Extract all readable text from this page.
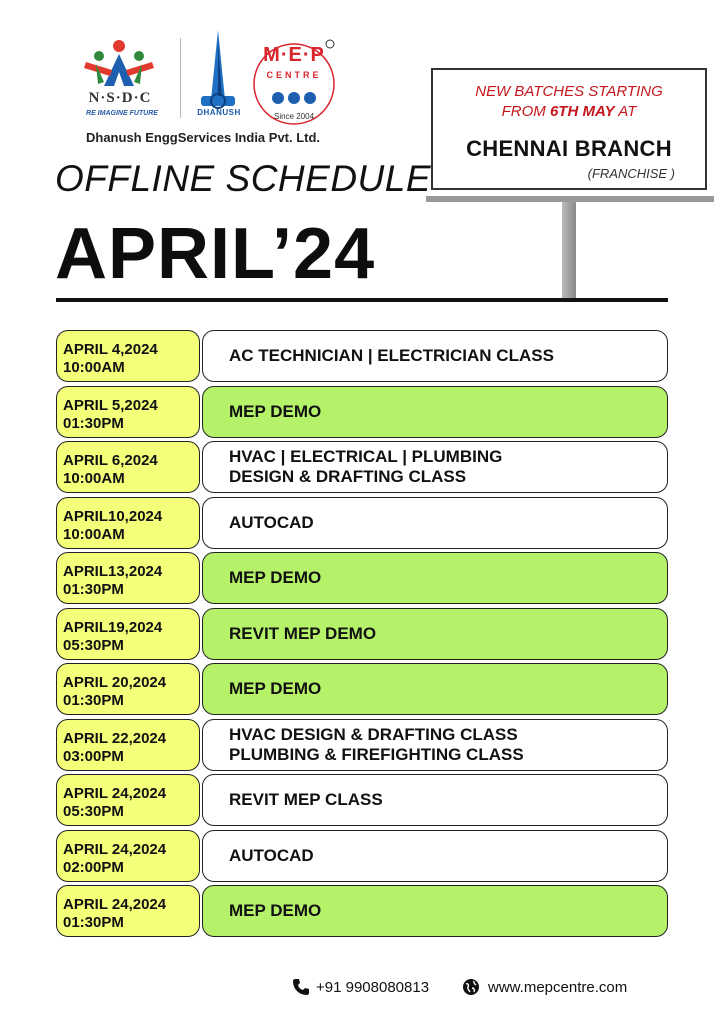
N·S·D·C
RE IMAGINE FUTURE	DHANUSH
M·E·P
CENTRE
Since 2004
Dhanush EnggServices India Pvt. Ltd.
NEW BATCHES STARTING
FROM 6TH MAY AT
CHENNAI BRANCH
(FRANCHISE )
OFFLINE SCHEDULE
APRIL’24
APRIL 4,2024
10:00AM
AC TECHNICIAN | ELECTRICIAN CLASS
APRIL 5,2024
01:30PM
MEP DEMO
APRIL 6,2024
10:00AM
HVAC | ELECTRICAL | PLUMBING
DESIGN & DRAFTING CLASS
APRIL10,2024
10:00AM
AUTOCAD
APRIL13,2024
01:30PM
MEP DEMO
APRIL19,2024
05:30PM
REVIT MEP DEMO
APRIL 20,2024
01:30PM
MEP DEMO
APRIL 22,2024
03:00PM
HVAC DESIGN & DRAFTING CLASS
PLUMBING & FIREFIGHTING CLASS
APRIL 24,2024
05:30PM
REVIT MEP CLASS
APRIL 24,2024
02:00PM
AUTOCAD
APRIL 24,2024
01:30PM
MEP DEMO
+91 9908080813	www.mepcentre.com
